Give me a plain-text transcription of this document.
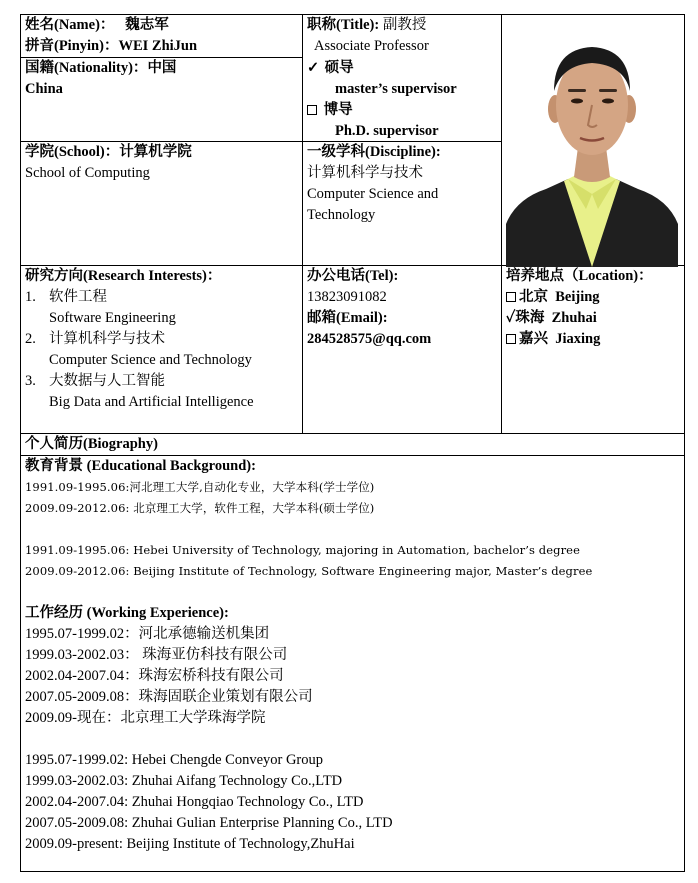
姓名(Name)： 魏志军
拼音(Pinyin)：WEI ZhiJun
职称(Title): 副教授
Associate Professor
国籍(Nationality)：中国
China
✓ 硕导
master’s supervisor
博导
Ph.D. supervisor
学院(School)：计算机学院
School of Computing
一级学科(Discipline):
计算机科学与技术
Computer Science and
Technology
研究方向(Research Interests)：
1. 软件工程
Software Engineering
2. 计算机科学与技术
Computer Science and Technology
3. 大数据与人工智能
Big Data and Artificial Intelligence
办公电话(Tel):
13823091082
邮箱(Email):
284528575@qq.com
培养地点（Location)：
北京 Beijing
✓珠海 Zhuhai
嘉兴 Jiaxing
个人简历(Biography)
教育背景 (Educational Background):
1991.09-1995.06:河北理工大学,自动化专业，大学本科(学士学位)
2009.09-2012.06: 北京理工大学，软件工程，大学本科(硕士学位)
1991.09-1995.06: Hebei University of Technology, majoring in Automation, bachelor’s degree
2009.09-2012.06: Beijing Institute of Technology, Software Engineering major, Master’s degree
工作经历 (Working Experience):
1995.07-1999.02：河北承德输送机集团
1999.03-2002.03： 珠海亚仿科技有限公司
2002.04-2007.04：珠海宏桥科技有限公司
2007.05-2009.08：珠海固联企业策划有限公司
2009.09-现在：北京理工大学珠海学院
1995.07-1999.02: Hebei Chengde Conveyor Group
1999.03-2002.03: Zhuhai Aifang Technology Co.,LTD
2002.04-2007.04: Zhuhai Hongqiao Technology Co., LTD
2007.05-2009.08: Zhuhai Gulian Enterprise Planning Co., LTD
2009.09-present: Beijing Institute of Technology,ZhuHai
